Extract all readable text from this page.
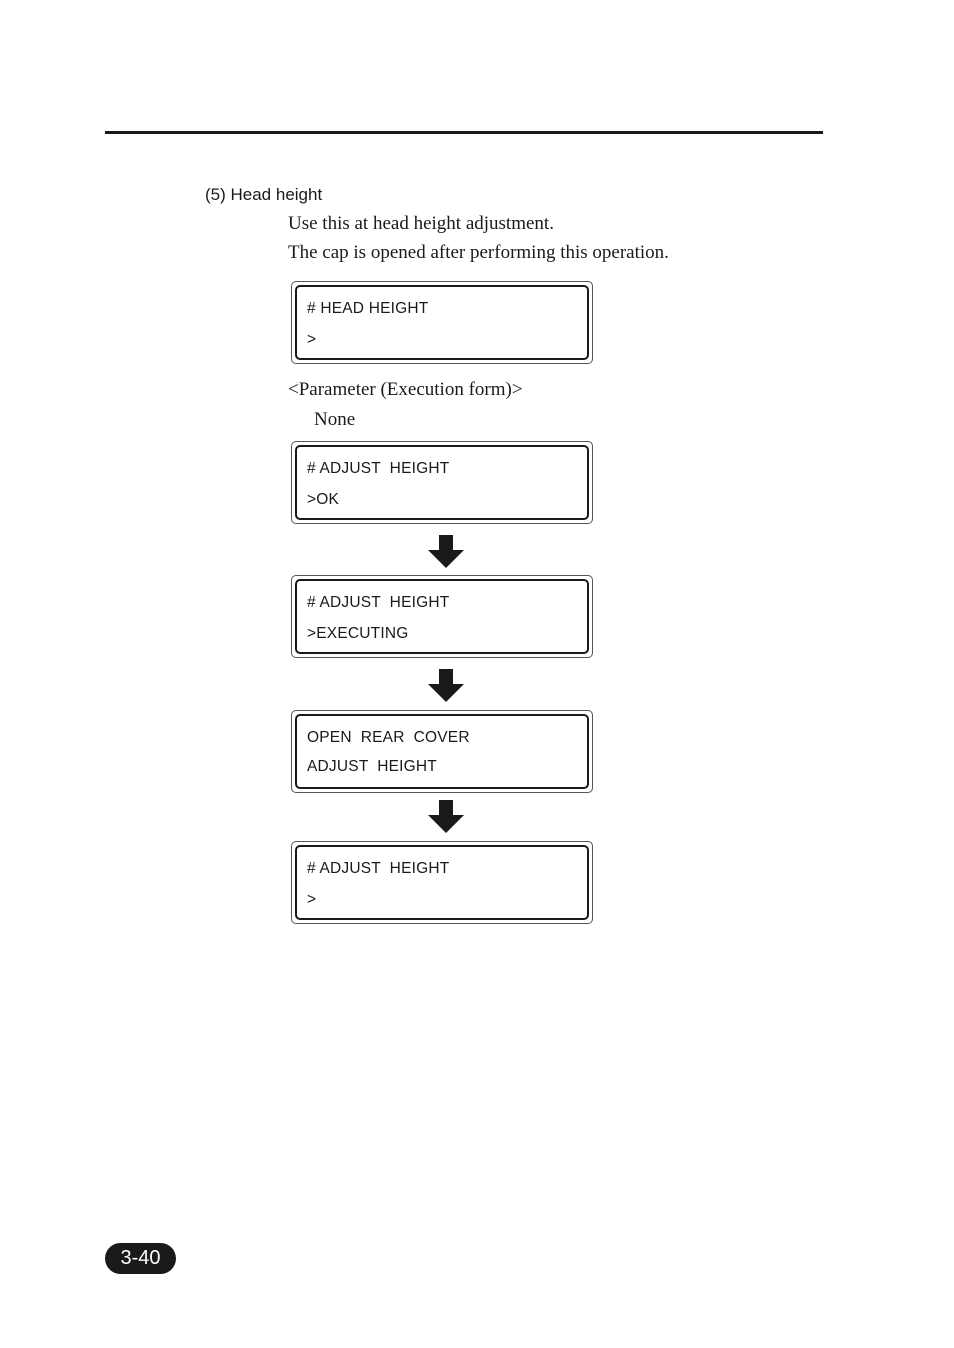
(5) Head height
Use this at head height adjustment.
The cap is opened after performing this operation.
# HEAD HEIGHT
>
<Parameter (Execution form)>
None
# ADJUST  HEIGHT
>OK
# ADJUST  HEIGHT
>EXECUTING
OPEN  REAR  COVER
ADJUST  HEIGHT
# ADJUST  HEIGHT
>
3-40
